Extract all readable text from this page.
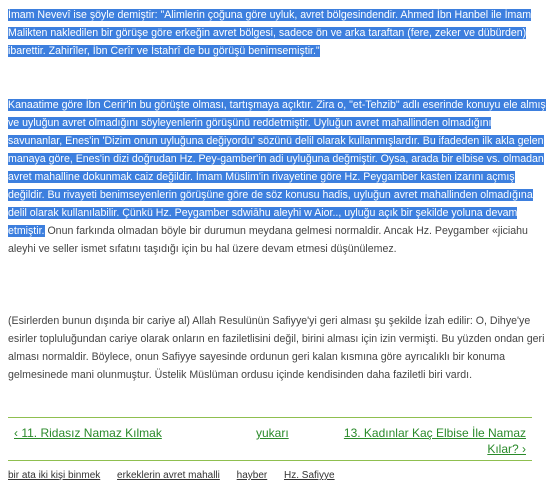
İmam Nevevî ise şöyle demiştir: "Alimlerin çoğuna göre uyluk, avret bölgesindendir. Ahmed İbn Hanbel ile İmam Malikten nakledilen bir görüşe göre erkeğin avret bölgesi, sadece ön ve arka taraftan (fere, zeker ve dübürden) ibarettir. Zahirîler, İbn Cerîr ve İstahrî de bu görüşü benimsemiştir."

Kanaatime göre İbn Cerir'in bu görüşte olması, tartışmaya açıktır. Zira o, "et-Tehzib" adlı eserinde konuyu ele almış ve uyluğun avret olmadığını söyleyenlerin görüşünü reddetmiştir. Uyluğun avret mahallinden olmadığını savunanlar, Enes'in 'Dizim onun uyluğuna değiyordu' sözünü delil olarak kullanmışlardır. Bu ifadeden ilk akla gelen manaya göre, Enes'in dizi doğrudan Hz. Pey-gamber'in adi uyluğuna değmiştir. Oysa, arada bir elbise vs. olmadan avret mahalline dokunmak caiz değildir. İmam Müslim'in rivayetine göre Hz. Peygamber kasten izarını açmış değildir. Bu rivayeti benimseyenlerin görüşüne göre de söz konusu hadis, uyluğun avret mahallinden olmadığına delil olarak kullanılabilir. Çünkü Hz. Peygamber sdwiāhu aleyhi w Aior.., uyluğu açık bir şekilde yoluna devam etmiştir. Onun farkında olmadan böyle bir durumun meydana gelmesi normaldir. Ancak Hz. Peygamber «jiciahu aleyhi ve seller ismet sıfatını taşıdığı için bu hal üzere devam etmesi düşünülemez.

(Esirlerden bunun dışında bir cariye al) Allah Resulünün Safiyye'yi geri alması şu şekilde İzah edilir: O, Dihye'ye esirler topluluğundan cariye olarak onların en faziletlisini değil, birini alması için izin vermişti. Bu yüzden ondan geri alması normaldir. Böylece, onun Safiyye sayesinde ordunun geri kalan kısmına göre ayrıcalıklı bir konuma gelmesinede mani olunmuştur. Üstelik Müslüman ordusu içinde kendisinden daha faziletli biri vardı.

‹ 11. Ridasız Namaz Kılmak	yukarı	13. Kadınlar Kaç Elbise İle Namaz Kılar? ›
bir ata iki kişi binmek erkeklerin avret mahalli hayber Hz. Safiyye
